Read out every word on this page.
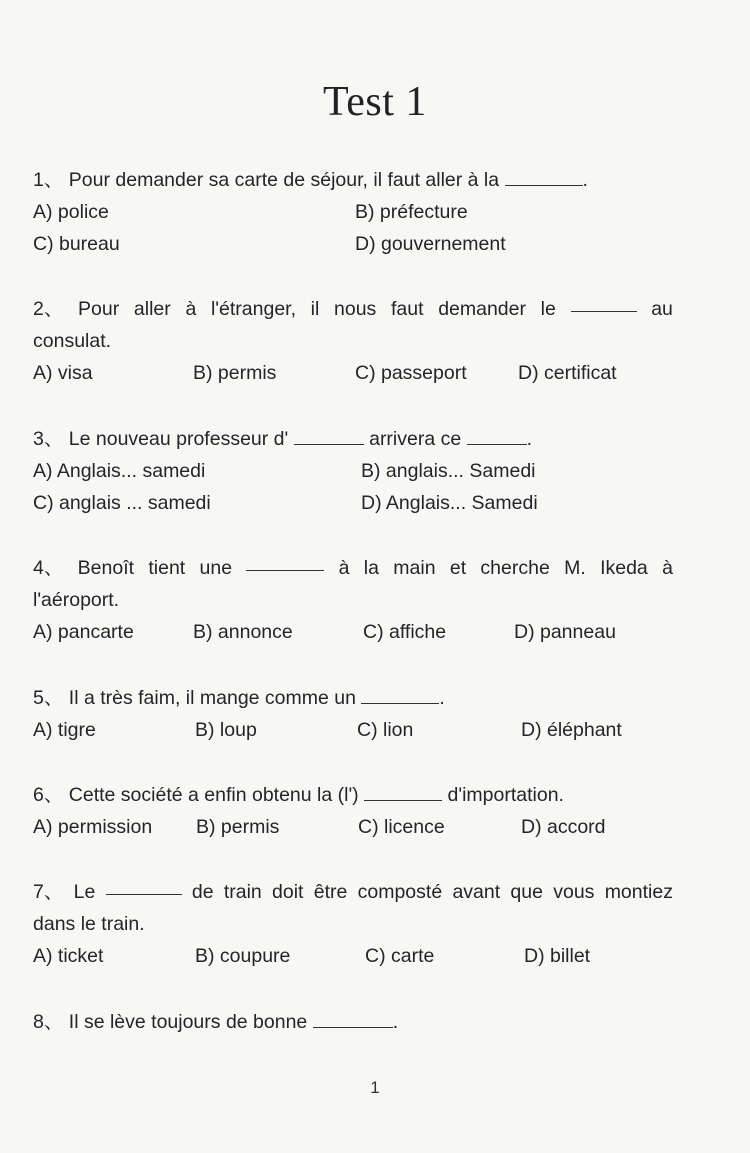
Test 1
1、 Pour demander sa carte de séjour, il faut aller à la	.
A) police	B) préfecture
C) bureau	D) gouvernement
2、 Pour aller à l'étranger, il nous faut demander le	au
consulat.
A) visa	B) permis	C) passeport	D) certificat
3、 Le nouveau professeur d'	arrivera ce	.
A) Anglais... samedi	B) anglais... Samedi
C) anglais ... samedi	D) Anglais... Samedi
4、 Benoît tient une	à la main et cherche M. Ikeda à
l'aéroport.
A) pancarte	B) annonce	C) affiche	D) panneau
5、 Il a très faim, il mange comme un	.
A) tigre	B) loup	C) lion	D) éléphant
6、 Cette société a enfin obtenu la (l')	d'importation.
A) permission B) permis	C) licence	D) accord
7、 Le	de train doit être composté avant que vous montiez
dans le train.
A) ticket	B) coupure	C) carte	D) billet
8、 Il se lève toujours de bonne	.
1
